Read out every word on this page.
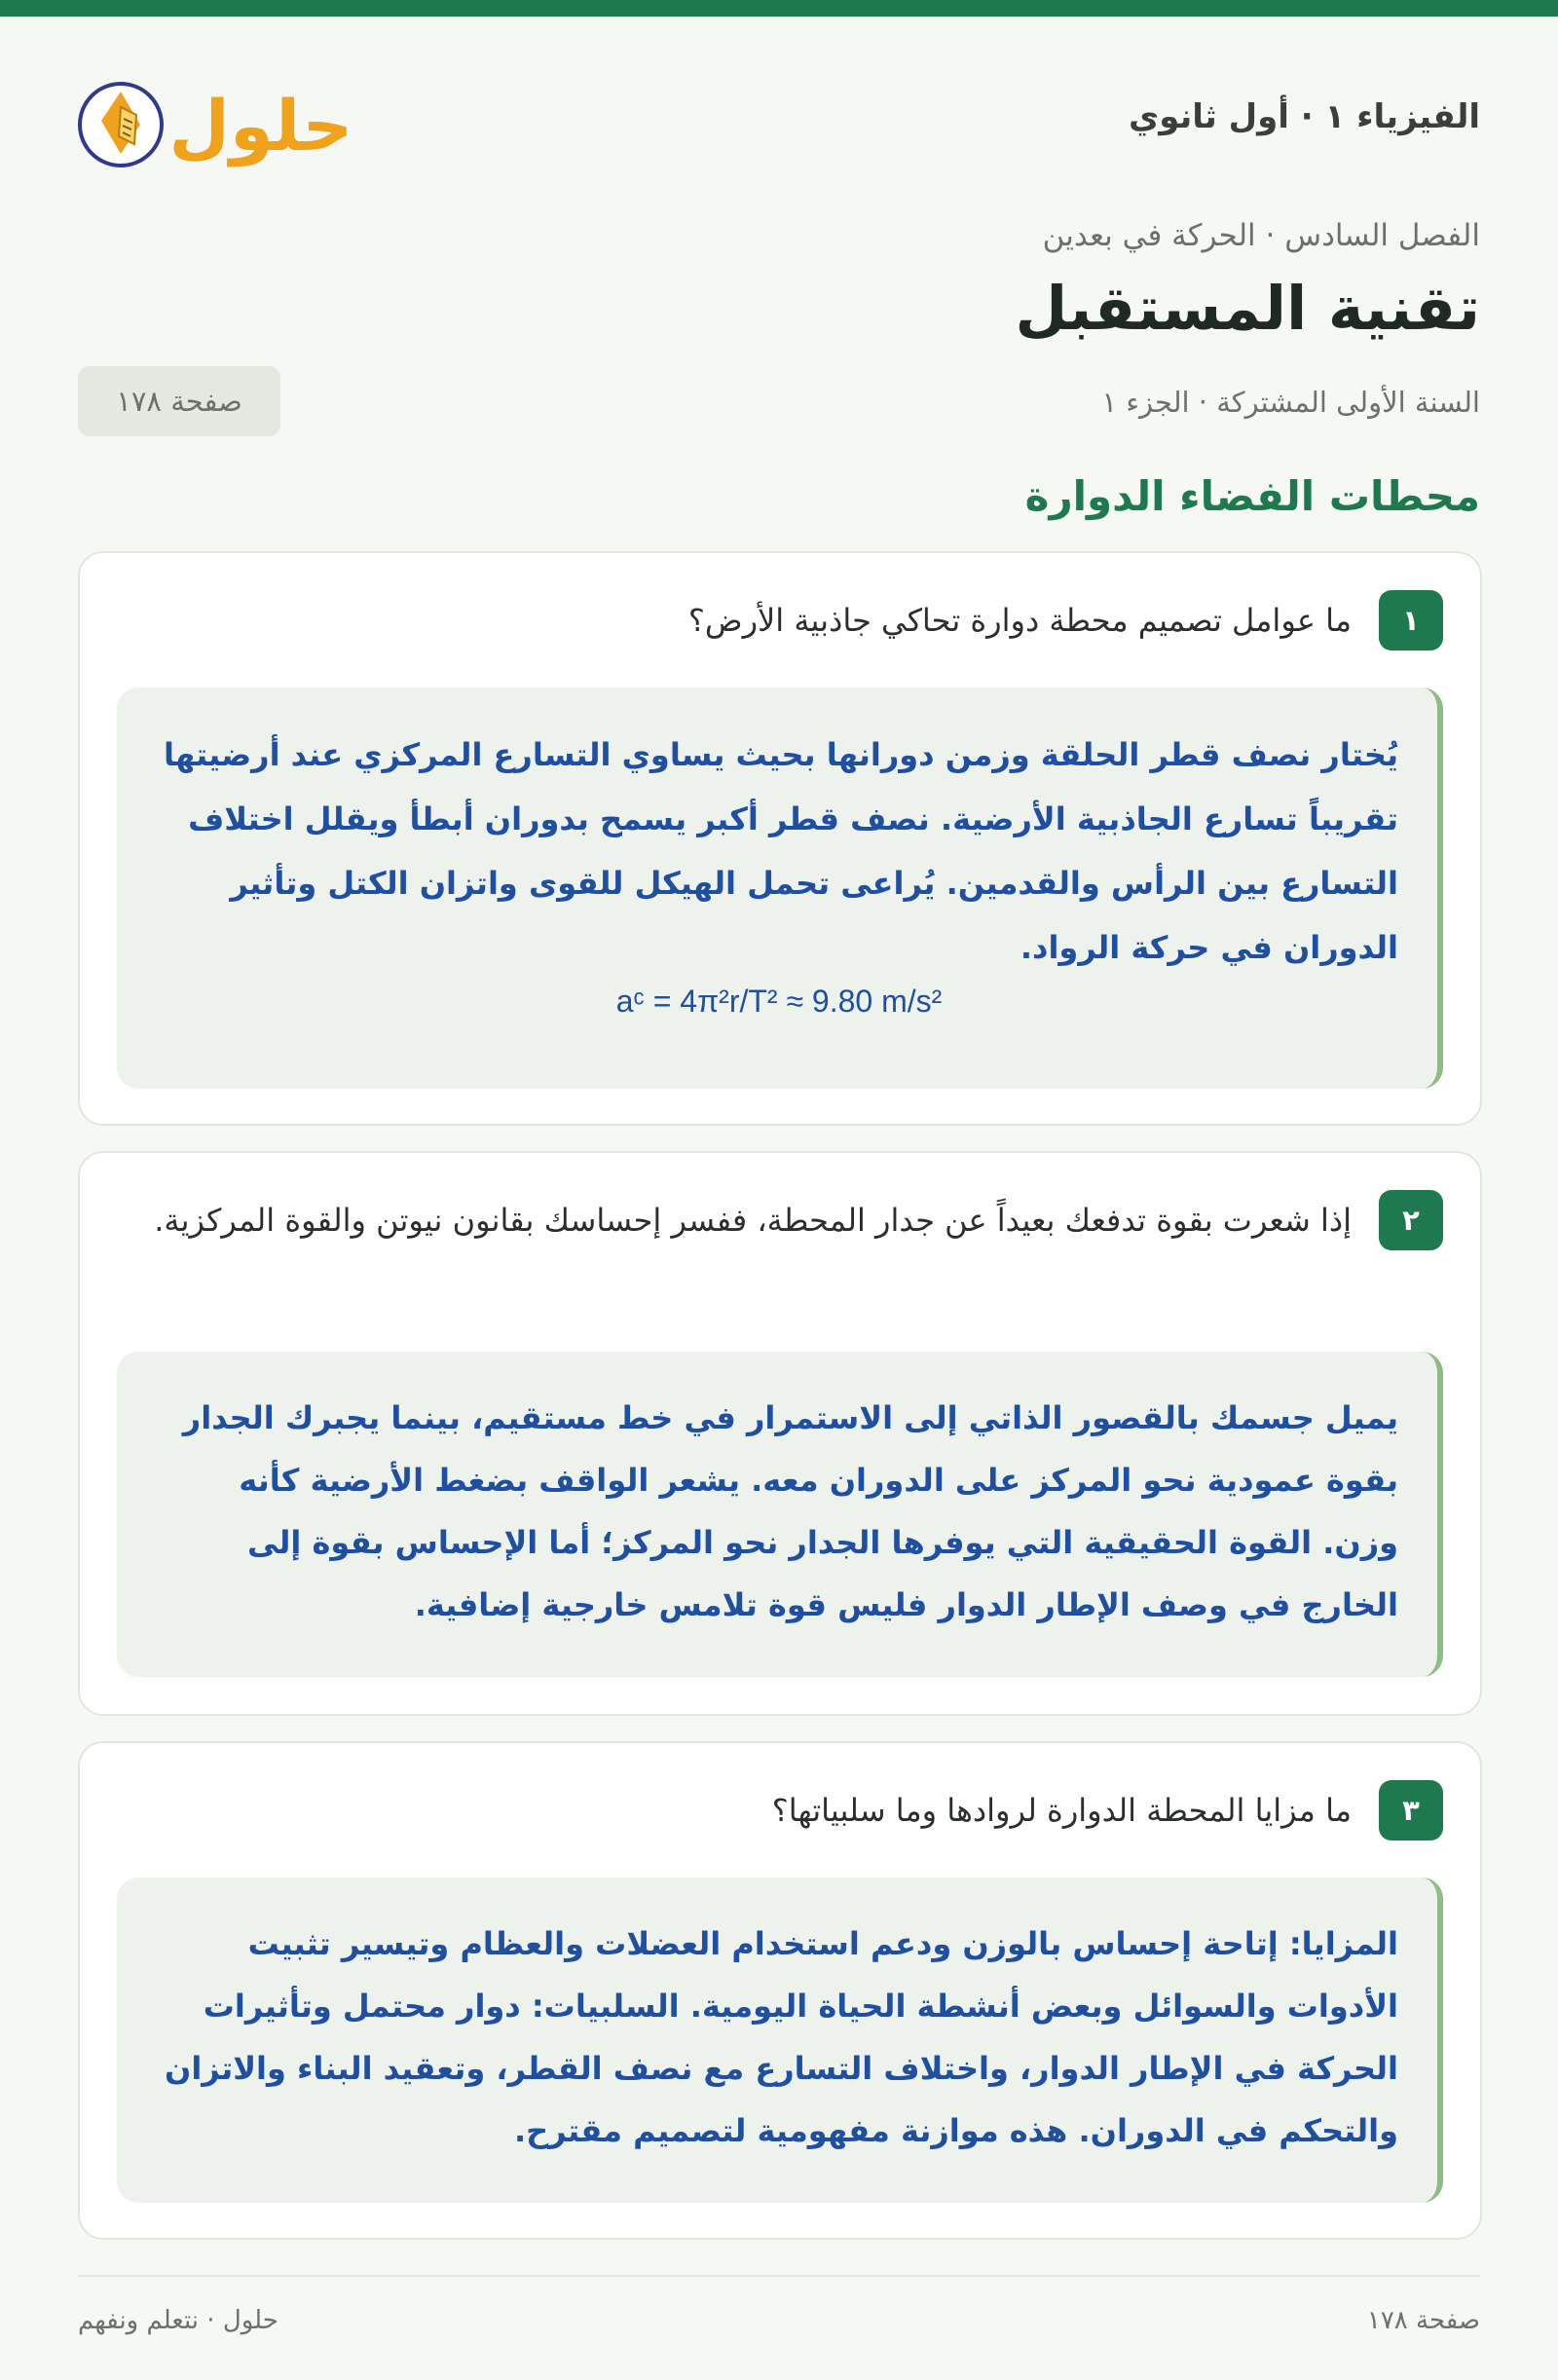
حلول	الفيزياء ١ · أول ثانوي
الفصل السادس · الحركة في بعدين
تقنية المستقبل
السنة الأولى المشتركة · الجزء ١
صفحة ١٧٨
محطات الفضاء الدوارة
١
ما عوامل تصميم محطة دوارة تحاكي جاذبية الأرض؟
يُختار نصف قطر الحلقة وزمن دورانها بحيث يساوي التسارع المركزي عند أرضيتها تقريباً تسارع الجاذبية الأرضية. نصف قطر أكبر يسمح بدوران أبطأ ويقلل اختلاف التسارع بين الرأس والقدمين. يُراعى تحمل الهيكل للقوى واتزان الكتل وتأثير الدوران في حركة الرواد.
aᶜ = 4π²r/T² ≈ 9.80 m/s²
٢
إذا شعرت بقوة تدفعك بعيداً عن جدار المحطة، ففسر إحساسك بقانون نيوتن والقوة المركزية.
يميل جسمك بالقصور الذاتي إلى الاستمرار في خط مستقيم، بينما يجبرك الجدار بقوة عمودية نحو المركز على الدوران معه. يشعر الواقف بضغط الأرضية كأنه وزن. القوة الحقيقية التي يوفرها الجدار نحو المركز؛ أما الإحساس بقوة إلى الخارج في وصف الإطار الدوار فليس قوة تلامس خارجية إضافية.
٣
ما مزايا المحطة الدوارة لروادها وما سلبياتها؟
المزايا: إتاحة إحساس بالوزن ودعم استخدام العضلات والعظام وتيسير تثبيت الأدوات والسوائل وبعض أنشطة الحياة اليومية. السلبيات: دوار محتمل وتأثيرات الحركة في الإطار الدوار، واختلاف التسارع مع نصف القطر، وتعقيد البناء والاتزان والتحكم في الدوران. هذه موازنة مفهومية لتصميم مقترح.
صفحة ١٧٨
حلول · نتعلم ونفهم
